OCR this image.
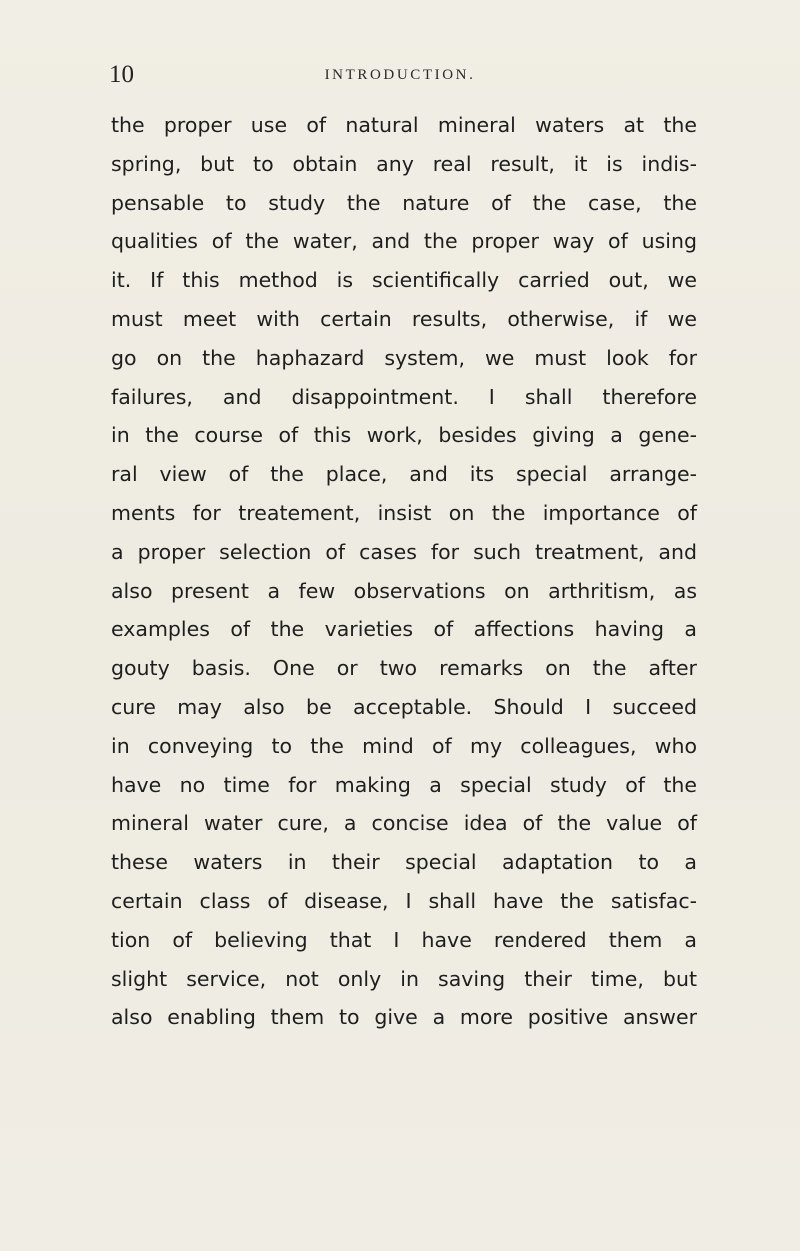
10	INTRODUCTION.
the proper use of natural mineral waters at the
spring, but to obtain any real result, it is indis-
pensable to study the nature of the case, the
qualities of the water, and the proper way of using
it. If this method is scientifically carried out, we
must meet with certain results, otherwise, if we
go on the haphazard system, we must look for
failures, and disappointment. I shall therefore
in the course of this work, besides giving a gene-
ral view of the place, and its special arrange-
ments for treatement, insist on the importance of
a proper selection of cases for such treatment, and
also present a few observations on arthritism, as
examples of the varieties of affections having a
gouty basis. One or two remarks on the after
cure may also be acceptable. Should I succeed
in conveying to the mind of my colleagues, who
have no time for making a special study of the
mineral water cure, a concise idea of the value of
these waters in their special adaptation to a
certain class of disease, I shall have the satisfac-
tion of believing that I have rendered them a
slight service, not only in saving their time, but
also enabling them to give a more positive answer
